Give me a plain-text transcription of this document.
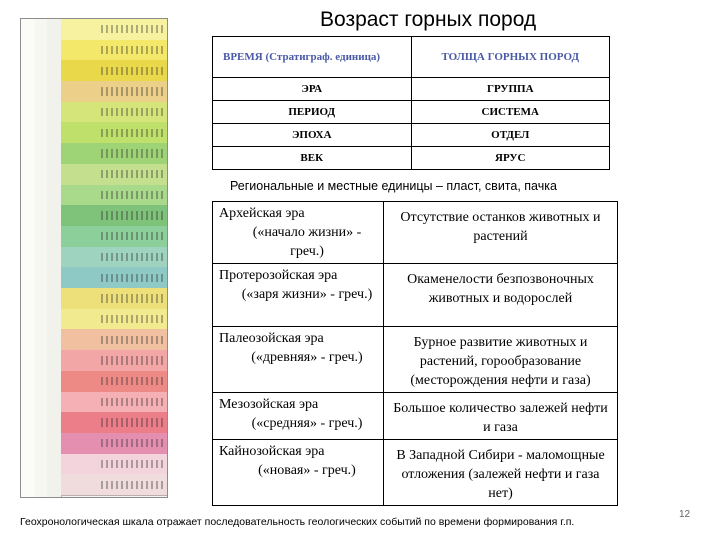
Возраст горных пород
ВРЕМЯ (Стратиграф. единица)	ТОЛЩА ГОРНЫХ ПОРОД
ЭРА	ГРУППА
ПЕРИОД	СИСТЕМА
ЭПОХА	ОТДЕЛ
ВЕК	ЯРУС
Региональные и местные единицы – пласт, свита, пачка
Архейская эра
(«начало жизни» - греч.)	Отсутствие останков животных и растений

Протерозойская эра
(«заря жизни» - греч.)	Окаменелости безпозвоночных животных и водорослей

Палеозойская эра
(«древняя» - греч.)	Бурное развитие животных и растений, горообразование (месторождения нефти и газа)

Мезозойская эра
(«средняя» - греч.)	Большое количество залежей нефти и газа

Кайнозойская эра
(«новая» - греч.)	В Западной Сибири - маломощные отложения (залежей нефти и газа нет)
Геохронологическая шкала отражает последовательность геологических событий по времени формирования г.п.
12
